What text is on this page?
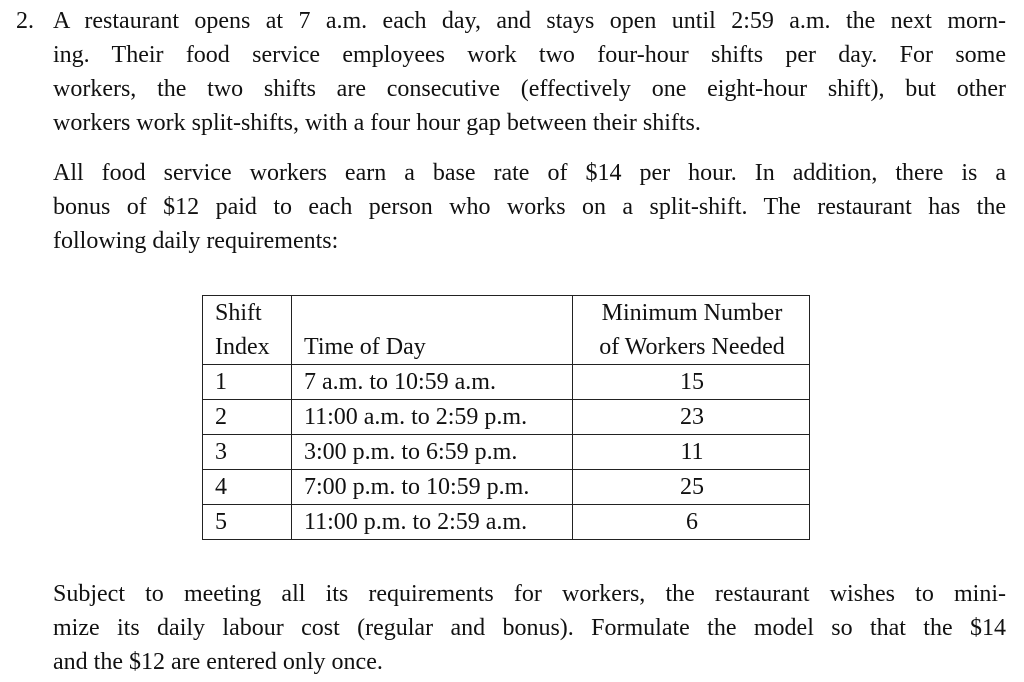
2. A restaurant opens at 7 a.m. each day, and stays open until 2:59 a.m. the next morn-
ing. Their food service employees work two four-hour shifts per day. For some
workers, the two shifts are consecutive (effectively one eight-hour shift), but other
workers work split-shifts, with a four hour gap between their shifts.

All food service workers earn a base rate of $14 per hour. In addition, there is a
bonus of $12 paid to each person who works on a split-shift. The restaurant has the
following daily requirements:

Shift		Minimum Number
Index	Time of Day	of Workers Needed
1	7 a.m. to 10:59 a.m.	15
2	11:00 a.m. to 2:59 p.m.	23
3	3:00 p.m. to 6:59 p.m.	11
4	7:00 p.m. to 10:59 p.m.	25
5	11:00 p.m. to 2:59 a.m.	6

Subject to meeting all its requirements for workers, the restaurant wishes to mini-
mize its daily labour cost (regular and bonus). Formulate the model so that the $14
and the $12 are entered only once.
